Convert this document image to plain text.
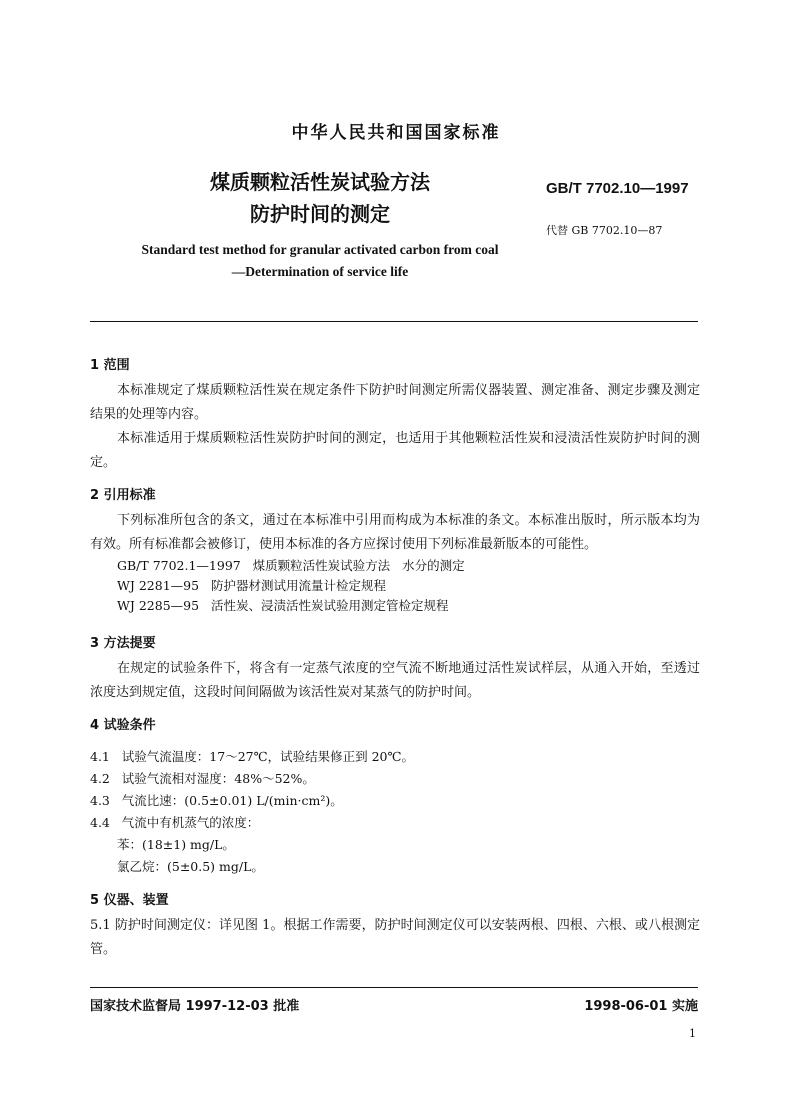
中华人民共和国国家标准
煤质颗粒活性炭试验方法
防护时间的测定
GB/T 7702.10—1997
代替 GB 7702.10—87
Standard test method for granular activated carbon from coal
—Determination of service life
1 范围
本标准规定了煤质颗粒活性炭在规定条件下防护时间测定所需仪器装置、测定准备、测定步骤及测定结果的处理等内容。
本标准适用于煤质颗粒活性炭防护时间的测定，也适用于其他颗粒活性炭和浸渍活性炭防护时间的测定。
2 引用标准
下列标准所包含的条文，通过在本标准中引用而构成为本标准的条文。本标准出版时，所示版本均为有效。所有标准都会被修订，使用本标准的各方应探讨使用下列标准最新版本的可能性。
GB/T 7702.1—1997   煤质颗粒活性炭试验方法   水分的测定
WJ 2281—95   防护器材测试用流量计检定规程
WJ 2285—95   活性炭、浸渍活性炭试验用测定管检定规程
3 方法提要
在规定的试验条件下，将含有一定蒸气浓度的空气流不断地通过活性炭试样层，从通入开始，至透过浓度达到规定值，这段时间间隔做为该活性炭对某蒸气的防护时间。
4 试验条件
4.1   试验气流温度：17～27℃，试验结果修正到 20℃。
4.2   试验气流相对湿度：48%～52%。
4.3   气流比速：(0.5±0.01) L/(min·cm²)。
4.4   气流中有机蒸气的浓度：
苯：(18±1) mg/L。
氯乙烷：(5±0.5) mg/L。
5 仪器、装置
5.1 防护时间测定仪：详见图 1。根据工作需要，防护时间测定仪可以安装两根、四根、六根、或八根测定管。
国家技术监督局 1997-12-03 批准	1998-06-01 实施
1
